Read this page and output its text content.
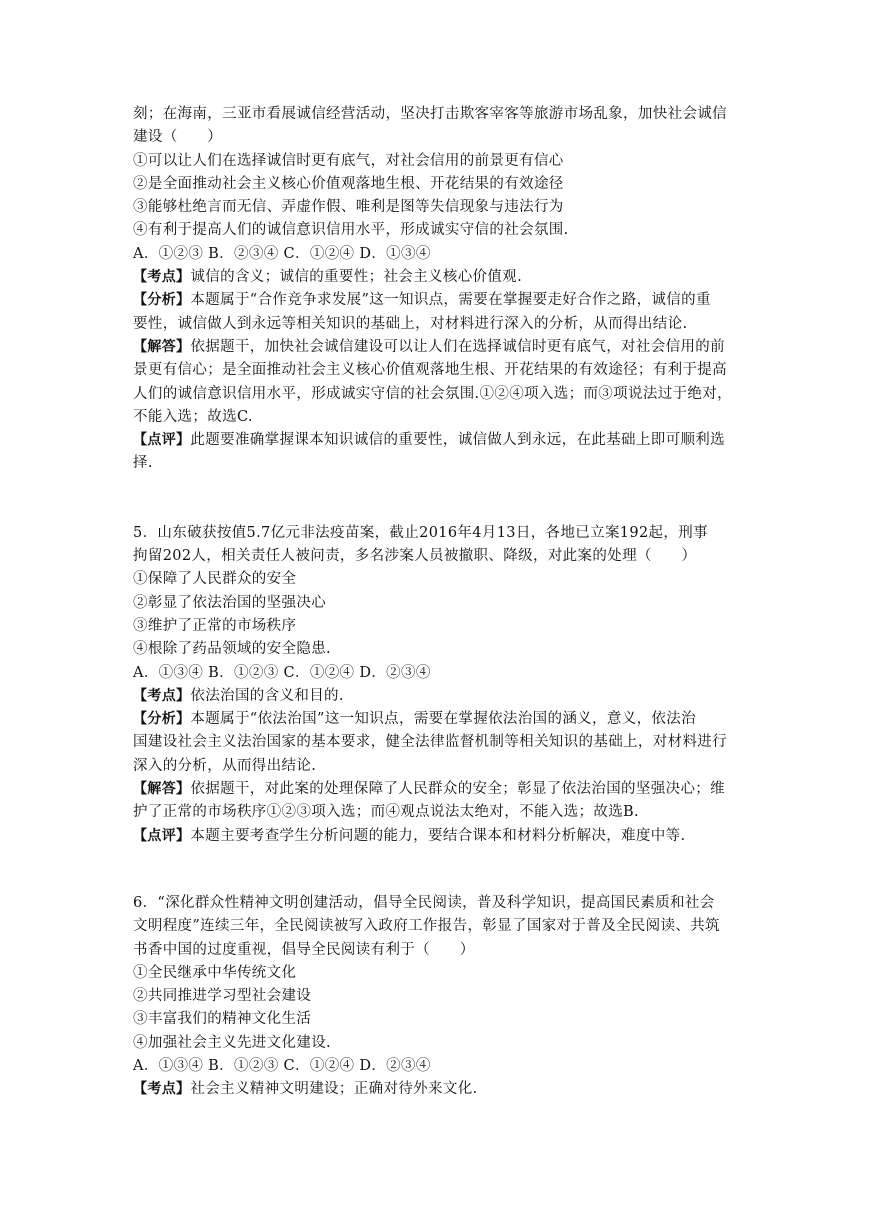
刻；在海南，三亚市看展诚信经营活动，坚决打击欺客宰客等旅游市场乱象，加快社会诚信
建设（　　）
①可以让人们在选择诚信时更有底气，对社会信用的前景更有信心
②是全面推动社会主义核心价值观落地生根、开花结果的有效途径
③能够杜绝言而无信、弄虚作假、唯利是图等失信现象与违法行为
④有利于提高人们的诚信意识信用水平，形成诚实守信的社会氛围.
A．①②③ B．②③④ C．①②④ D．①③④
【考点】诚信的含义；诚信的重要性；社会主义核心价值观.
【分析】本题属于“合作竞争求发展”这一知识点，需要在掌握要走好合作之路，诚信的重
要性，诚信做人到永远等相关知识的基础上，对材料进行深入的分析，从而得出结论.
【解答】依据题干，加快社会诚信建设可以让人们在选择诚信时更有底气，对社会信用的前
景更有信心；是全面推动社会主义核心价值观落地生根、开花结果的有效途径；有利于提高
人们的诚信意识信用水平，形成诚实守信的社会氛围.①②④项入选；而③项说法过于绝对，
不能入选；故选C.
【点评】此题要准确掌握课本知识诚信的重要性，诚信做人到永远，在此基础上即可顺利选
择.
5．山东破获按值5.7亿元非法疫苗案，截止2016年4月13日，各地已立案192起，刑事
拘留202人，相关责任人被问责，多名涉案人员被撤职、降级，对此案的处理（　　）
①保障了人民群众的安全
②彰显了依法治国的坚强决心
③维护了正常的市场秩序
④根除了药品领域的安全隐患.
A．①③④ B．①②③ C．①②④ D．②③④
【考点】依法治国的含义和目的.
【分析】本题属于“依法治国”这一知识点，需要在掌握依法治国的涵义，意义，依法治
国建设社会主义法治国家的基本要求，健全法律监督机制等相关知识的基础上，对材料进行
深入的分析，从而得出结论.
【解答】依据题干，对此案的处理保障了人民群众的安全；彰显了依法治国的坚强决心；维
护了正常的市场秩序①②③项入选；而④观点说法太绝对，不能入选；故选B.
【点评】本题主要考查学生分析问题的能力，要结合课本和材料分析解决，难度中等.
6．“深化群众性精神文明创建活动，倡导全民阅读，普及科学知识，提高国民素质和社会
文明程度”连续三年，全民阅读被写入政府工作报告，彰显了国家对于普及全民阅读、共筑
书香中国的过度重视，倡导全民阅读有利于（　　）
①全民继承中华传统文化
②共同推进学习型社会建设
③丰富我们的精神文化生活
④加强社会主义先进文化建设.
A．①③④ B．①②③ C．①②④ D．②③④
【考点】社会主义精神文明建设；正确对待外来文化.
